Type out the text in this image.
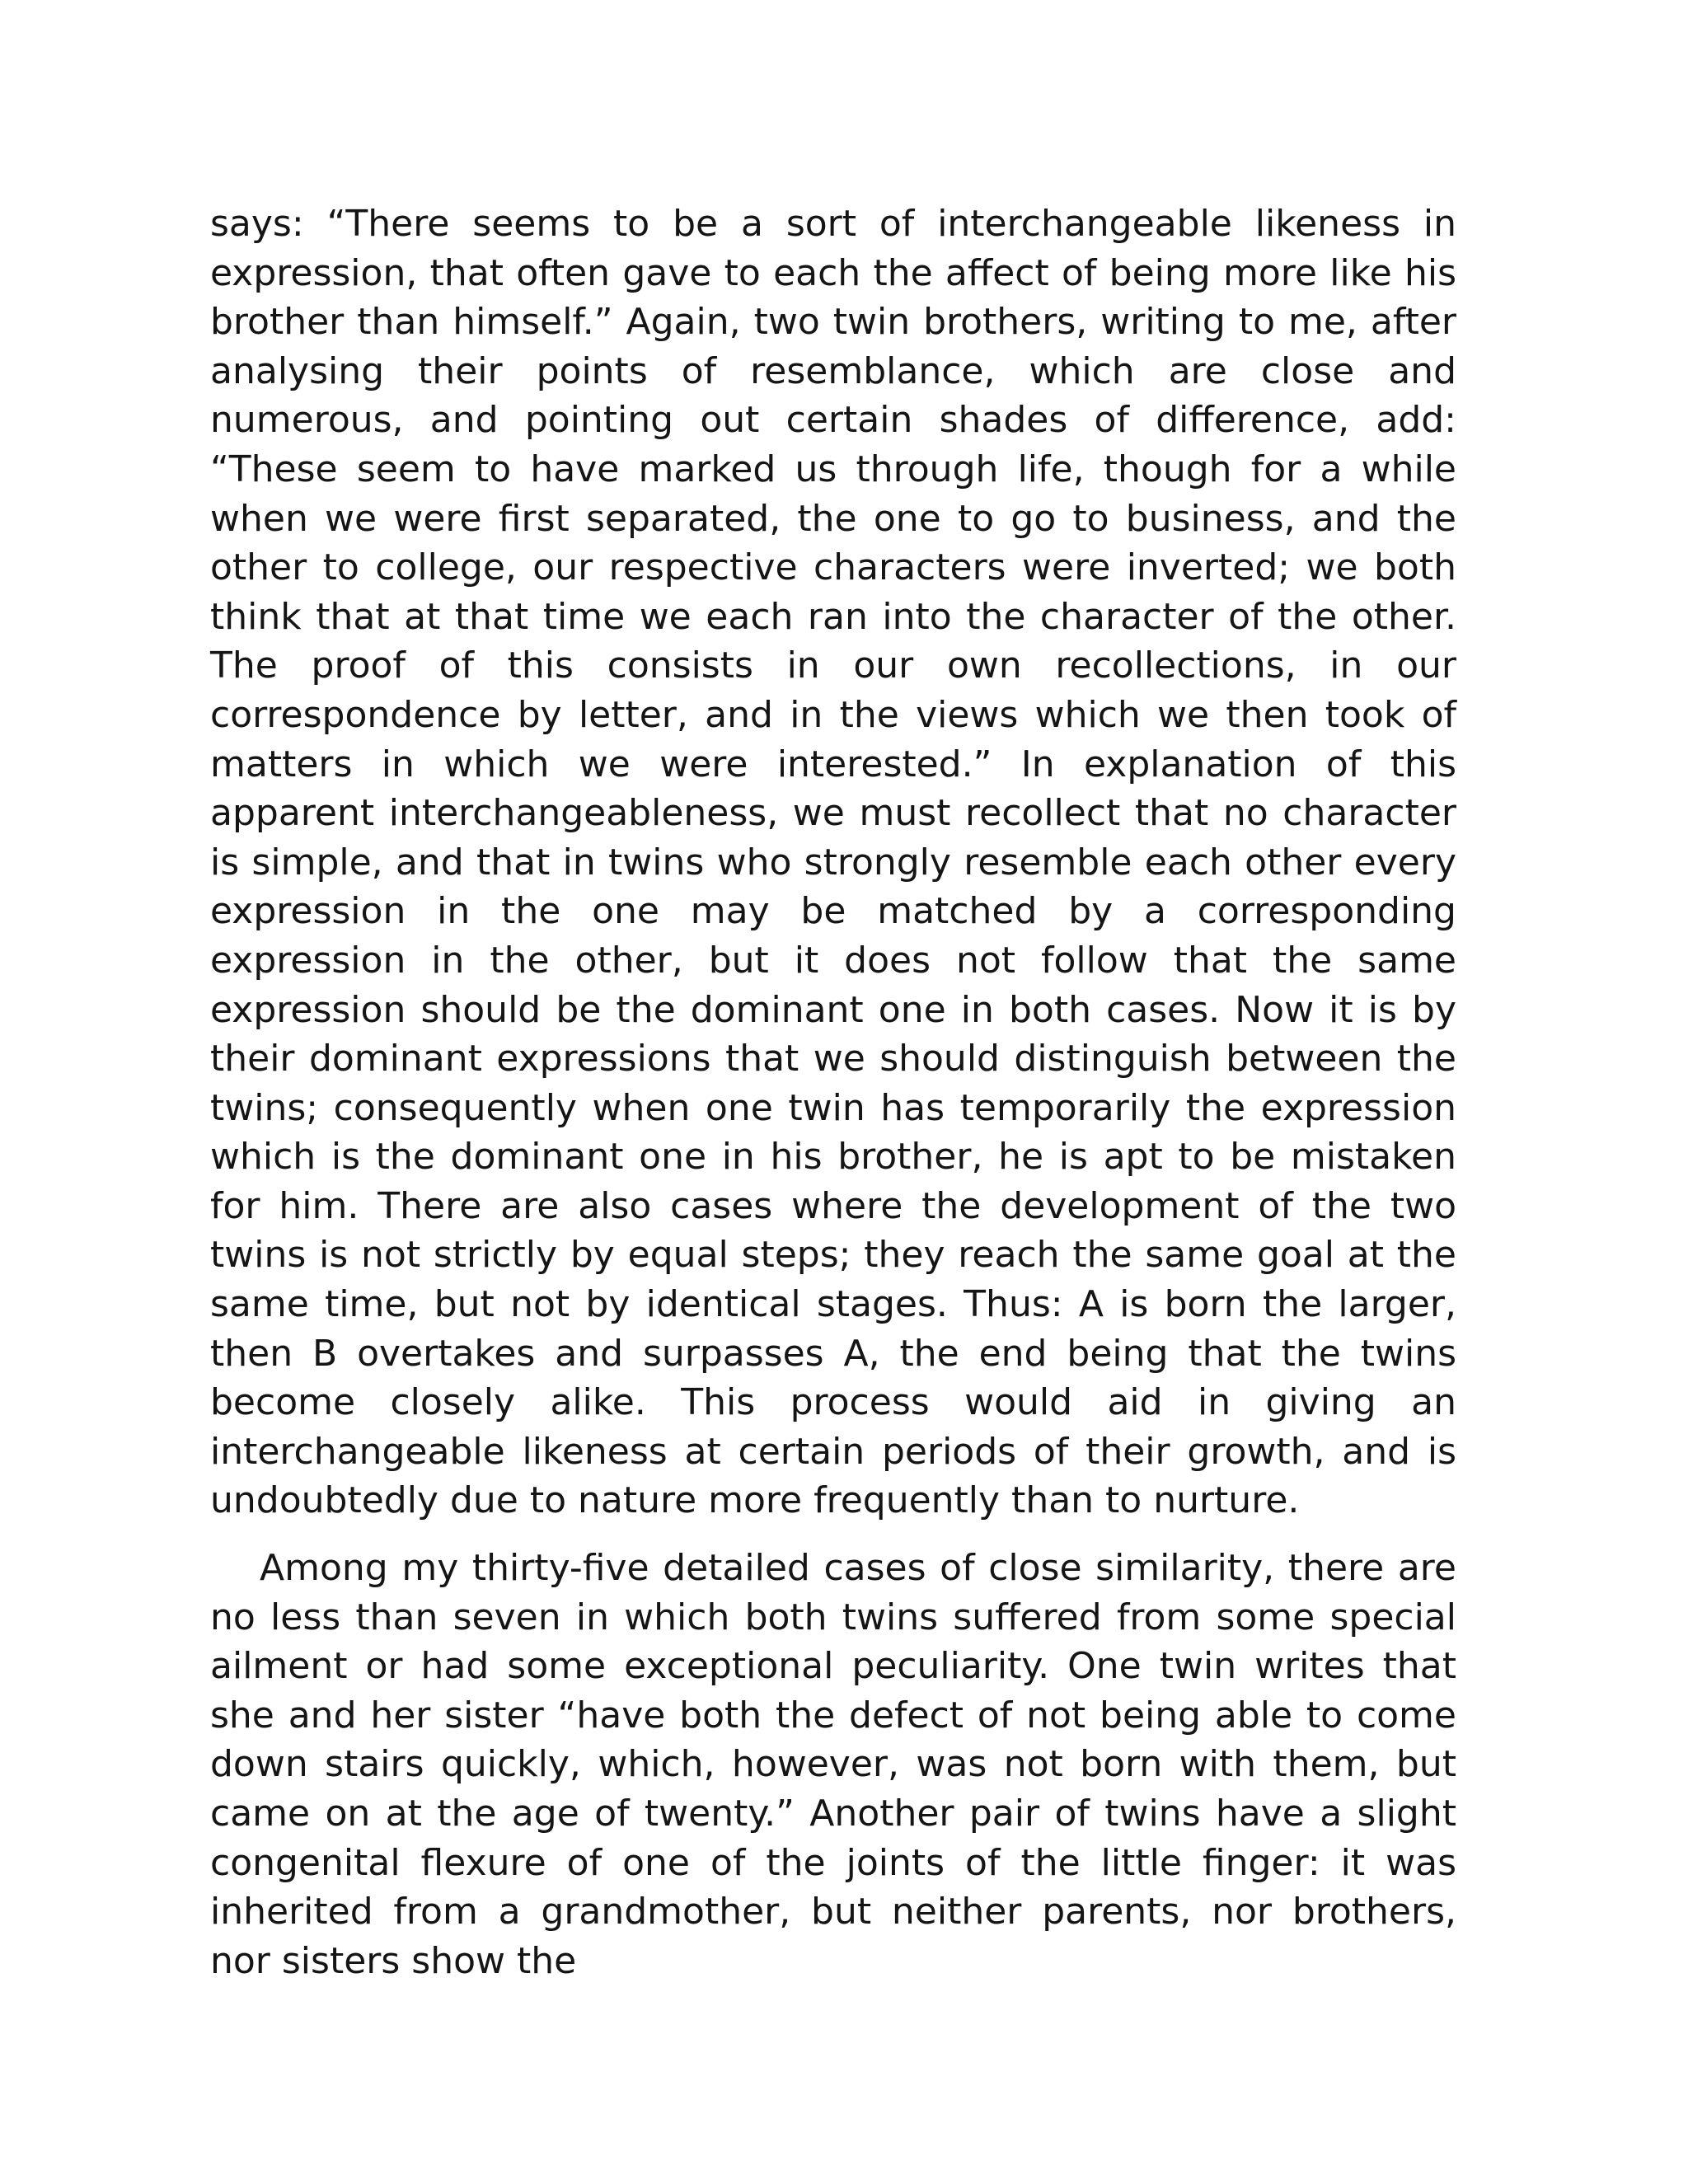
says: “There seems to be a sort of interchangeable likeness in expression, that often gave to each the affect of being more like his brother than himself.” Again, two twin brothers, writing to me, after analysing their points of resemblance, which are close and numerous, and pointing out certain shades of difference, add: “These seem to have marked us through life, though for a while when we were first separated, the one to go to business, and the other to college, our respective characters were inverted; we both think that at that time we each ran into the character of the other. The proof of this consists in our own recollections, in our correspondence by letter, and in the views which we then took of matters in which we were interested.” In explanation of this apparent interchangeableness, we must recollect that no character is simple, and that in twins who strongly resemble each other every expression in the one may be matched by a corresponding expression in the other, but it does not follow that the same expression should be the dominant one in both cases. Now it is by their dominant expressions that we should distinguish between the twins; consequently when one twin has temporarily the expression which is the dominant one in his brother, he is apt to be mistaken for him. There are also cases where the development of the two twins is not strictly by equal steps; they reach the same goal at the same time, but not by identical stages. Thus: A is born the larger, then B overtakes and surpasses A, the end being that the twins become closely alike. This process would aid in giving an interchangeable likeness at certain periods of their growth, and is undoubtedly due to nature more frequently than to nurture.

Among my thirty-five detailed cases of close similarity, there are no less than seven in which both twins suffered from some special ailment or had some exceptional peculiarity. One twin writes that she and her sister “have both the defect of not being able to come down stairs quickly, which, however, was not born with them, but came on at the age of twenty.” Another pair of twins have a slight congenital flexure of one of the joints of the little finger: it was inherited from a grandmother, but neither parents, nor brothers, nor sisters show the
